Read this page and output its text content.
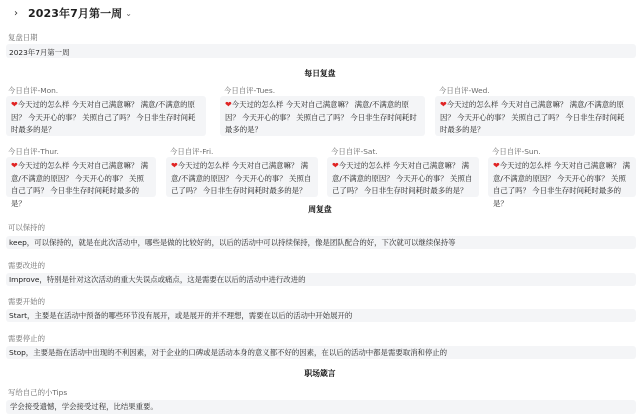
› 2023年7月第一周 ⌄
复盘日期
2023年7月第一周
每日复盘
今日自评-Mon.
❤今天过的怎么样 今天对自己满意嘛？ 满意/不满意的原因？ 今天开心的事？ 关照自己了吗？ 今日非生存时间耗时最多的是？
今日自评-Tues.
❤今天过的怎么样 今天对自己满意嘛？ 满意/不满意的原因？ 今天开心的事？ 关照自己了吗？ 今日非生存时间耗时最多的是？
今日自评-Wed.
❤今天过的怎么样 今天对自己满意嘛？ 满意/不满意的原因？ 今天开心的事？ 关照自己了吗？ 今日非生存时间耗时最多的是？
今日自评-Thur.
❤今天过的怎么样 今天对自己满意嘛？ 满意/不满意的原因？ 今天开心的事？ 关照自己了吗？ 今日非生存时间耗时最多的是？
今日自评-Fri.
❤今天过的怎么样 今天对自己满意嘛？ 满意/不满意的原因？ 今天开心的事？ 关照自己了吗？ 今日非生存时间耗时最多的是？
今日自评-Sat.
❤今天过的怎么样 今天对自己满意嘛？ 满意/不满意的原因？ 今天开心的事？ 关照自己了吗？ 今日非生存时间耗时最多的是？
今日自评-Sun.
❤今天过的怎么样 今天对自己满意嘛？ 满意/不满意的原因？ 今天开心的事？ 关照自己了吗？ 今日非生存时间耗时最多的是？
周复盘
可以保持的
keep，可以保持的，就是在此次活动中，哪些是做的比较好的，以后的活动中可以持续保持，像是团队配合的好，下次就可以继续保持等
需要改进的
Improve，特别是针对这次活动的重大失误点或痛点，这是需要在以后的活动中进行改进的
需要开始的
Start，主要是在活动中预备的哪些环节没有展开，或是展开的并不理想，需要在以后的活动中开始展开的
需要停止的
Stop，主要是指在活动中出现的不利因素，对于企业的口碑或是活动本身的意义都不好的因素，在以后的活动中都是需要取消和停止的
职场箴言
写给自己的小Tips
学会接受遗憾，学会接受过程，比结果重要。
